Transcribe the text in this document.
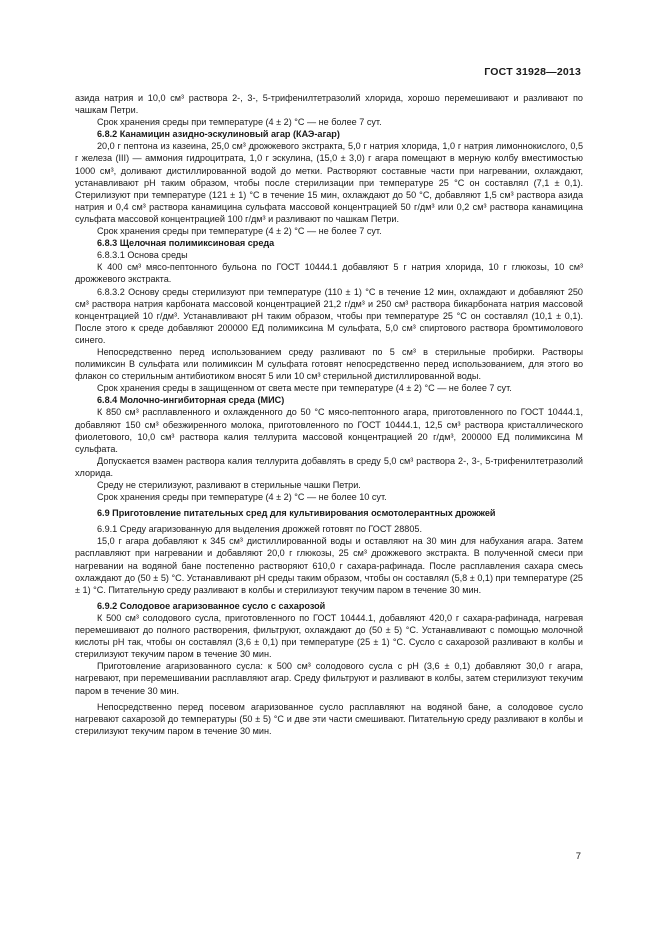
ГОСТ 31928—2013
азида натрия и 10,0 см³ раствора 2-, 3-, 5-трифенилтетразолий хлорида, хорошо перемешивают и разливают по чашкам Петри.
Срок хранения среды при температуре (4 ± 2) °С — не более 7 сут.
6.8.2 Канамицин азидно-эскулиновый агар (КАЭ-агар)
20,0 г пептона из казеина, 25,0 см³ дрожжевого экстракта, 5,0 г натрия хлорида, 1,0 г натрия лимоннокислого, 0,5 г железа (III) — аммония гидроцитрата, 1,0 г эскулина, (15,0 ± 3,0) г агара помещают в мерную колбу вместимостью 1000 см³, доливают дистиллированной водой до метки. Растворяют составные части при нагревании, охлаждают, устанавливают рН таким образом, чтобы после стерилизации при температуре 25 °С он составлял (7,1 ± 0,1). Стерилизуют при температуре (121 ± 1) °С в течение 15 мин, охлаждают до 50 °С, добавляют 1,5 см³ раствора азида натрия и 0,4 см³ раствора канамицина сульфата массовой концентрацией 50 г/дм³ или 0,2 см³ раствора канамицина сульфата массовой концентрацией 100 г/дм³ и разливают по чашкам Петри.
Срок хранения среды при температуре (4 ± 2) °С — не более 7 сут.
6.8.3 Щелочная полимиксиновая среда
6.8.3.1 Основа среды
К 400 см³ мясо-пептонного бульона по ГОСТ 10444.1 добавляют 5 г натрия хлорида, 10 г глюкозы, 10 см³ дрожжевого экстракта.
6.8.3.2 Основу среды стерилизуют при температуре (110 ± 1) °С в течение 12 мин, охлаждают и добавляют 250 см³ раствора натрия карбоната массовой концентрацией 21,2 г/дм³ и 250 см³ раствора бикарбоната натрия массовой концентрацией 10 г/дм³. Устанавливают рН таким образом, чтобы при температуре 25 °С он составлял (10,1 ± 0,1). После этого к среде добавляют 200000 ЕД полимиксина М сульфата, 5,0 см³ спиртового раствора бромтимолового синего.
Непосредственно перед использованием среду разливают по 5 см³ в стерильные пробирки. Растворы полимиксин В сульфата или полимиксин М сульфата готовят непосредственно перед использованием, для этого во флакон со стерильным антибиотиком вносят 5 или 10 см³ стерильной дистиллированной воды.
Срок хранения среды в защищенном от света месте при температуре (4 ± 2) °С — не более 7 сут.
6.8.4 Молочно-ингибиторная среда (МИС)
К 850 см³ расплавленного и охлажденного до 50 °С мясо-пептонного агара, приготовленного по ГОСТ 10444.1, добавляют 150 см³ обезжиренного молока, приготовленного по ГОСТ 10444.1, 12,5 см³ раствора кристаллического фиолетового, 10,0 см³ раствора калия теллурита массовой концентрацией 20 г/дм³, 200000 ЕД полимиксина М сульфата.
Допускается взамен раствора калия теллурита добавлять в среду 5,0 см³ раствора 2-, 3-, 5-трифенилтетразолий хлорида.
Среду не стерилизуют, разливают в стерильные чашки Петри.
Срок хранения среды при температуре (4 ± 2) °С — не более 10 сут.
6.9 Приготовление питательных сред для культивирования осмотолерантных дрожжей
6.9.1 Среду агаризованную для выделения дрожжей готовят по ГОСТ 28805.
15,0 г агара добавляют к 345 см³ дистиллированной воды и оставляют на 30 мин для набухания агара. Затем расплавляют при нагревании и добавляют 20,0 г глюкозы, 25 см³ дрожжевого экстракта. В полученной смеси при нагревании на водяной бане постепенно растворяют 610,0 г сахара-рафинада. После расплавления сахара смесь охлаждают до (50 ± 5) °С. Устанавливают рН среды таким образом, чтобы он составлял (5,8 ± 0,1) при температуре (25 ± 1) °С. Питательную среду разливают в колбы и стерилизуют текучим паром в течение 30 мин.
6.9.2 Солодовое агаризованное сусло с сахарозой
К 500 см³ солодового сусла, приготовленного по ГОСТ 10444.1, добавляют 420,0 г сахара-рафинада, нагревая перемешивают до полного растворения, фильтруют, охлаждают до (50 ± 5) °С. Устанавливают с помощью молочной кислоты рН так, чтобы он составлял (3,6 ± 0,1) при температуре (25 ± 1) °С. Сусло с сахарозой разливают в колбы и стерилизуют текучим паром в течение 30 мин.
Приготовление агаризованного сусла: к 500 см³ солодового сусла с рН (3,6 ± 0,1) добавляют 30,0 г агара, нагревают, при перемешивании расплавляют агар. Среду фильтруют и разливают в колбы, затем стерилизуют текучим паром в течение 30 мин.
Непосредственно перед посевом агаризованное сусло расплавляют на водяной бане, а солодовое сусло нагревают сахарозой до температуры (50 ± 5) °С и две эти части смешивают. Питательную среду разливают в колбы и стерилизуют текучим паром в течение 30 мин.
7
